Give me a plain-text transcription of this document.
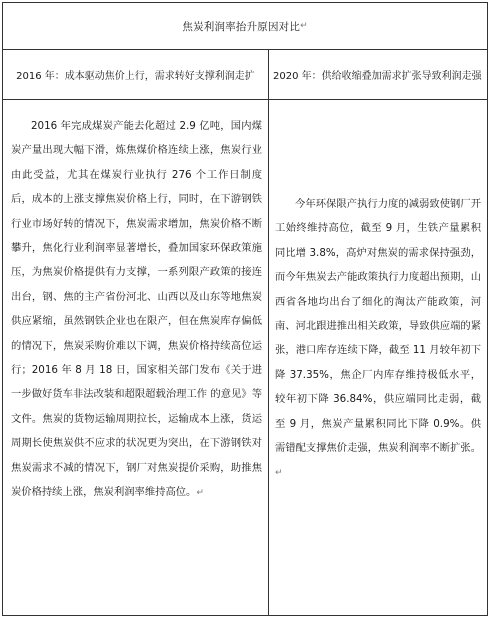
焦炭利润率抬升原因对比 ↵
2016 年：成本驱动焦价上行，需求转好支撑利润走扩	2020 年：供给收缩叠加需求扩张导致利润走强
2016 年完成煤炭产能去化超过 2.9 亿吨，国内煤炭产量出现大幅下滑，炼焦煤价格连续上涨，焦炭行业由此受益，尤其在煤炭行业执行 276 个工作日制度后，成本的上涨支撑焦炭价格上行，同时，在下游钢铁行业市场好转的情况下，焦炭需求增加，焦炭价格不断攀升，焦化行业利润率显著增长，叠加国家环保政策施压，为焦炭价格提供有力支撑，一系列限产政策的接连出台，钢、焦的主产省份河北、山西以及山东等地焦炭供应紧缩，虽然钢铁企业也在限产，但在焦炭库存偏低的情况下，焦炭采购价难以下调，焦炭价格持续高位运行；2016 年 8 月 18 日，国家相关部门发布《关于进一步做好货车非法改装和超限超载治理工作 的意见》等文件。焦炭的货物运输周期拉长，运输成本上涨，货运周期长使焦炭供不应求的状况更为突出，在下游钢铁对焦炭需求不减的情况下，钢厂对焦炭提价采购，助推焦炭价格持续上涨，焦炭利润率维持高位。↵
今年环保限产执行力度的减弱致使钢厂开工始终维持高位，截至 9 月，生铁产量累积同比增 3.8%，高炉对焦炭的需求保持强劲，而今年焦炭去产能政策执行力度超出预期，山西省各地均出台了细化的淘汰产能政策，河南、河北跟进推出相关政策，导致供应端的紧张，港口库存连续下降，截至 11 月较年初下降 37.35%，焦企厂内库存维持极低水平，较年初下降 36.84%，供应端同比走弱，截至 9 月，焦炭产量累积同比下降 0.9%。供需错配支撑焦价走强，焦炭利润率不断扩张。↵
